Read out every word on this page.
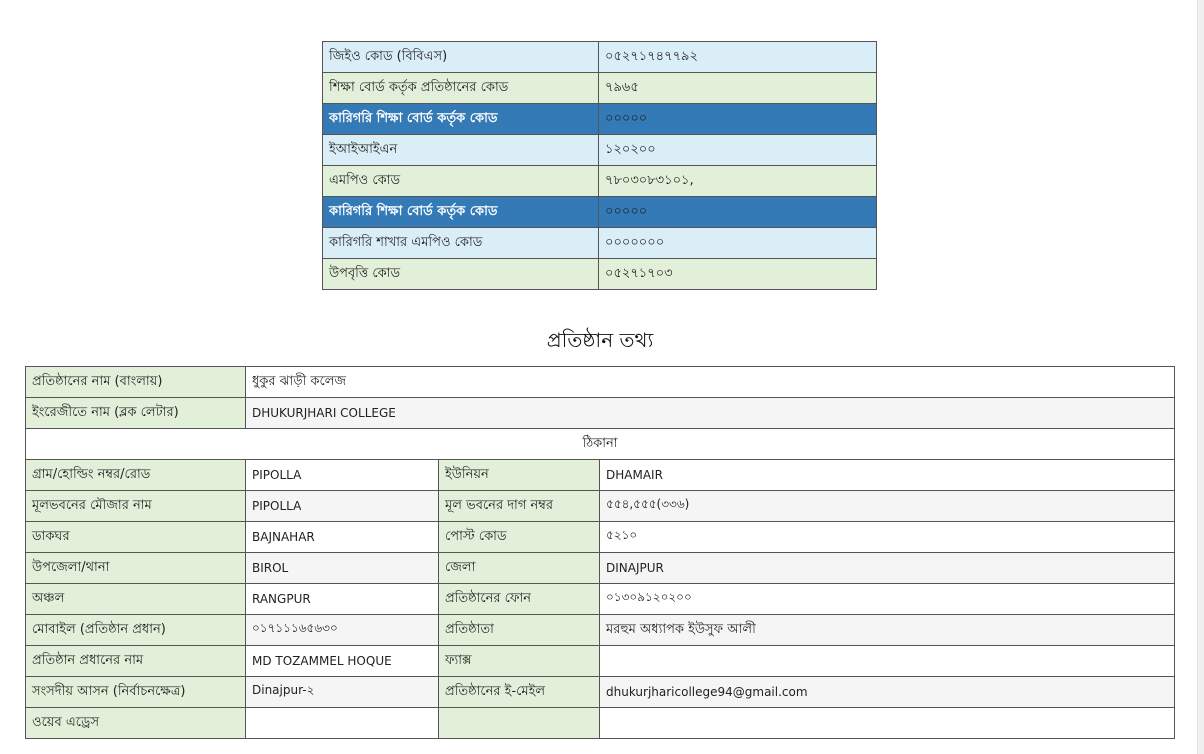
জিইও কোড (বিবিএস)	০৫২৭১৭৪৭৭৯২
শিক্ষা বোর্ড কর্তৃক প্রতিষ্ঠানের কোড	৭৯৬৫
কারিগরি শিক্ষা বোর্ড কর্তৃক কোড	০০০০০
ইআইআইএন	১২০২০০
এমপিও কোড	৭৮০৩০৮৩১০১,
কারিগরি শিক্ষা বোর্ড কর্তৃক কোড	০০০০০
কারিগরি শাখার এমপিও কোড	০০০০০০০
উপবৃত্তি কোড	০৫২৭১৭০৩
প্রতিষ্ঠান তথ্য
প্রতিষ্ঠানের নাম (বাংলায়)	ধুকুর ঝাড়ী কলেজ		
ইংরেজীতে নাম (ব্লক লেটার)	DHUKURJHARI COLLEGE		
ঠিকানা			
গ্রাম/হোল্ডিং নম্বর/রোড	PIPOLLA	ইউনিয়ন	DHAMAIR
মূলভবনের মৌজার নাম	PIPOLLA	মূল ভবনের দাগ নম্বর	৫৫৪,৫৫৫(৩৩৬)
ডাকঘর	BAJNAHAR	পোস্ট কোড	৫২১০
উপজেলা/থানা	BIROL	জেলা	DINAJPUR
অঞ্চল	RANGPUR	প্রতিষ্ঠানের ফোন	০১৩০৯১২০২০০
মোবাইল (প্রতিষ্ঠান প্রধান)	০১৭১১১৬৫৬৩০	প্রতিষ্ঠাতা	মরহুম অধ্যাপক ইউসুফ আলী
প্রতিষ্ঠান প্রধানের নাম	MD TOZAMMEL HOQUE	ফ্যাক্স	
সংসদীয় আসন (নির্বাচনক্ষেত্র)	Dinajpur-২	প্রতিষ্ঠানের ই-মেইল	dhukurjharicollege94@gmail.com
ওয়েব এড্রেস			
